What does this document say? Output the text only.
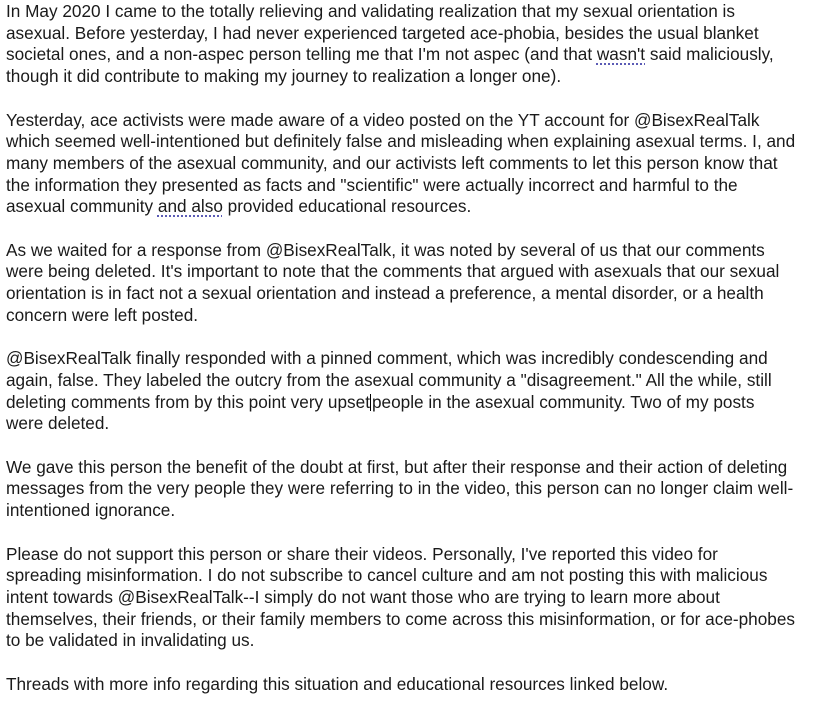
In May 2020 I came to the totally relieving and validating realization that my sexual orientation is asexual. Before yesterday, I had never experienced targeted ace-phobia, besides the usual blanket societal ones, and a non-aspec person telling me that I'm not aspec (and that wasn't said maliciously, though it did contribute to making my journey to realization a longer one).

Yesterday, ace activists were made aware of a video posted on the YT account for @BisexRealTalk which seemed well-intentioned but definitely false and misleading when explaining asexual terms. I, and many members of the asexual community, and our activists left comments to let this person know that the information they presented as facts and "scientific" were actually incorrect and harmful to the asexual community and also provided educational resources.

As we waited for a response from @BisexRealTalk, it was noted by several of us that our comments were being deleted. It's important to note that the comments that argued with asexuals that our sexual orientation is in fact not a sexual orientation and instead a preference, a mental disorder, or a health concern were left posted.

@BisexRealTalk finally responded with a pinned comment, which was incredibly condescending and again, false. They labeled the outcry from the asexual community a "disagreement." All the while, still deleting comments from by this point very upset people in the asexual community. Two of my posts were deleted.

We gave this person the benefit of the doubt at first, but after their response and their action of deleting messages from the very people they were referring to in the video, this person can no longer claim well-intentioned ignorance.

Please do not support this person or share their videos. Personally, I've reported this video for spreading misinformation. I do not subscribe to cancel culture and am not posting this with malicious intent towards @BisexRealTalk--I simply do not want those who are trying to learn more about themselves, their friends, or their family members to come across this misinformation, or for ace-phobes to be validated in invalidating us.

Threads with more info regarding this situation and educational resources linked below.
